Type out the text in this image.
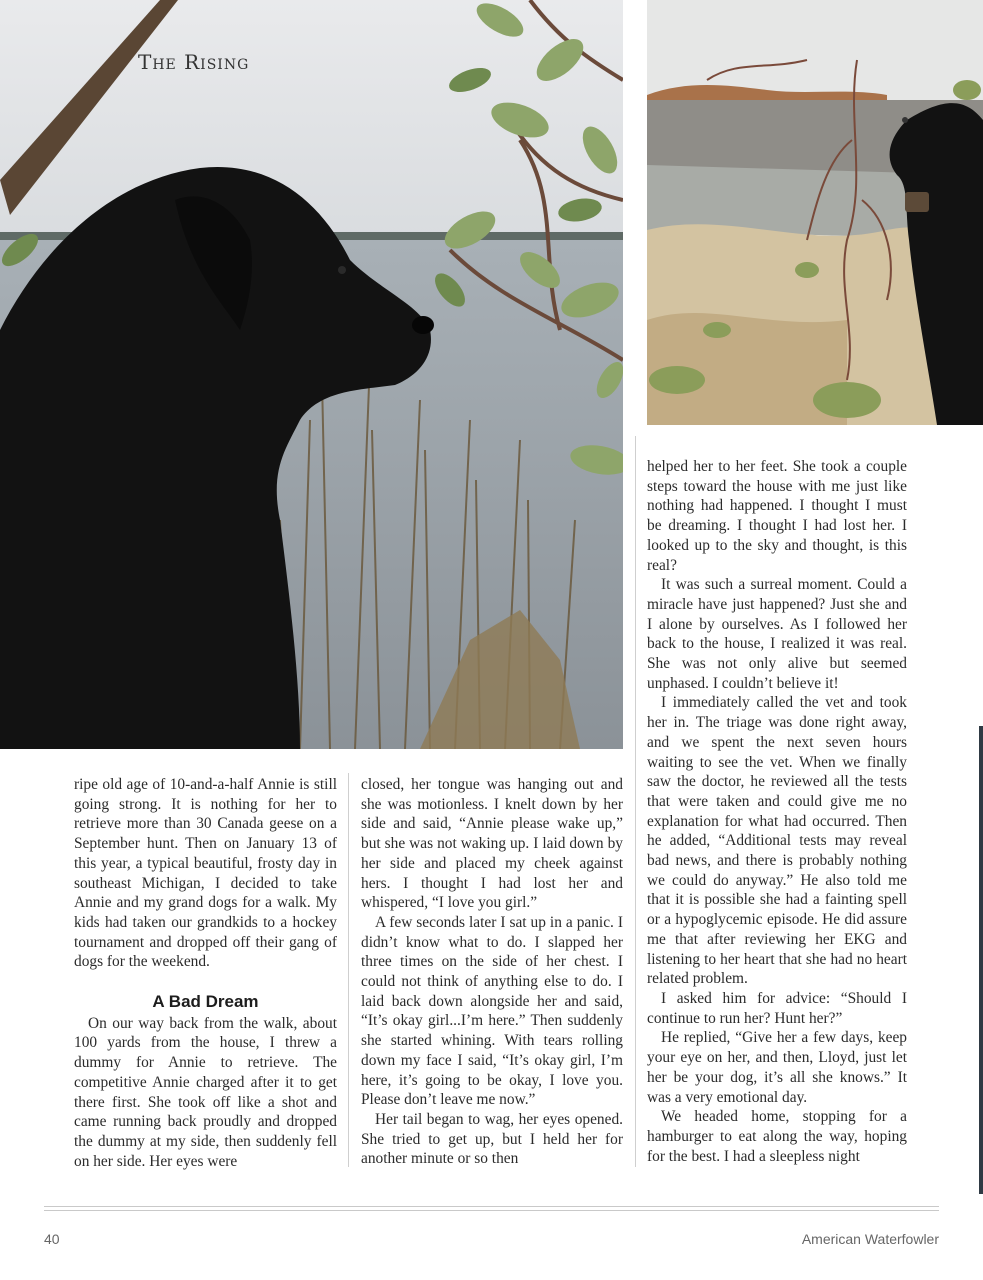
The Rising

ripe old age of 10-and-a-half Annie is still going strong. It is nothing for her to retrieve more than 30 Canada geese on a September hunt. Then on January 13 of this year, a typical beautiful, frosty day in southeast Michigan, I decided to take Annie and my grand dogs for a walk. My kids had taken our grandkids to a hockey tournament and dropped off their gang of dogs for the weekend.

A Bad Dream

On our way back from the walk, about 100 yards from the house, I threw a dummy for Annie to retrieve. The competitive Annie charged after it to get there first. She took off like a shot and came running back proudly and dropped the dummy at my side, then suddenly fell on her side. Her eyes were

closed, her tongue was hanging out and she was motionless. I knelt down by her side and said, “Annie please wake up,” but she was not waking up. I laid down by her side and placed my cheek against hers. I thought I had lost her and whispered, “I love you girl.”

A few seconds later I sat up in a panic. I didn’t know what to do. I slapped her three times on the side of her chest. I could not think of anything else to do. I laid back down alongside her and said, “It’s okay girl...I’m here.” Then suddenly she started whining. With tears rolling down my face I said, “It’s okay girl, I’m here, it’s going to be okay, I love you. Please don’t leave me now.”

Her tail began to wag, her eyes opened. She tried to get up, but I held her for another minute or so then

helped her to her feet. She took a couple steps toward the house with me just like nothing had happened. I thought I must be dreaming. I thought I had lost her. I looked up to the sky and thought, is this real?

It was such a surreal moment. Could a miracle have just happened? Just she and I alone by ourselves. As I followed her back to the house, I realized it was real. She was not only alive but seemed unphased. I couldn’t believe it!

I immediately called the vet and took her in. The triage was done right away, and we spent the next seven hours waiting to see the vet. When we finally saw the doctor, he reviewed all the tests that were taken and could give me no explanation for what had occurred. Then he added, “Additional tests may reveal bad news, and there is probably nothing we could do anyway.” He also told me that it is possible she had a fainting spell or a hypoglycemic episode. He did assure me that after reviewing her EKG and listening to her heart that she had no heart related problem.

I asked him for advice: “Should I continue to run her? Hunt her?”

He replied, “Give her a few days, keep your eye on her, and then, Lloyd, just let her be your dog, it’s all she knows.” It was a very emotional day.

We headed home, stopping for a hamburger to eat along the way, hoping for the best. I had a sleepless night

40	American Waterfowler
